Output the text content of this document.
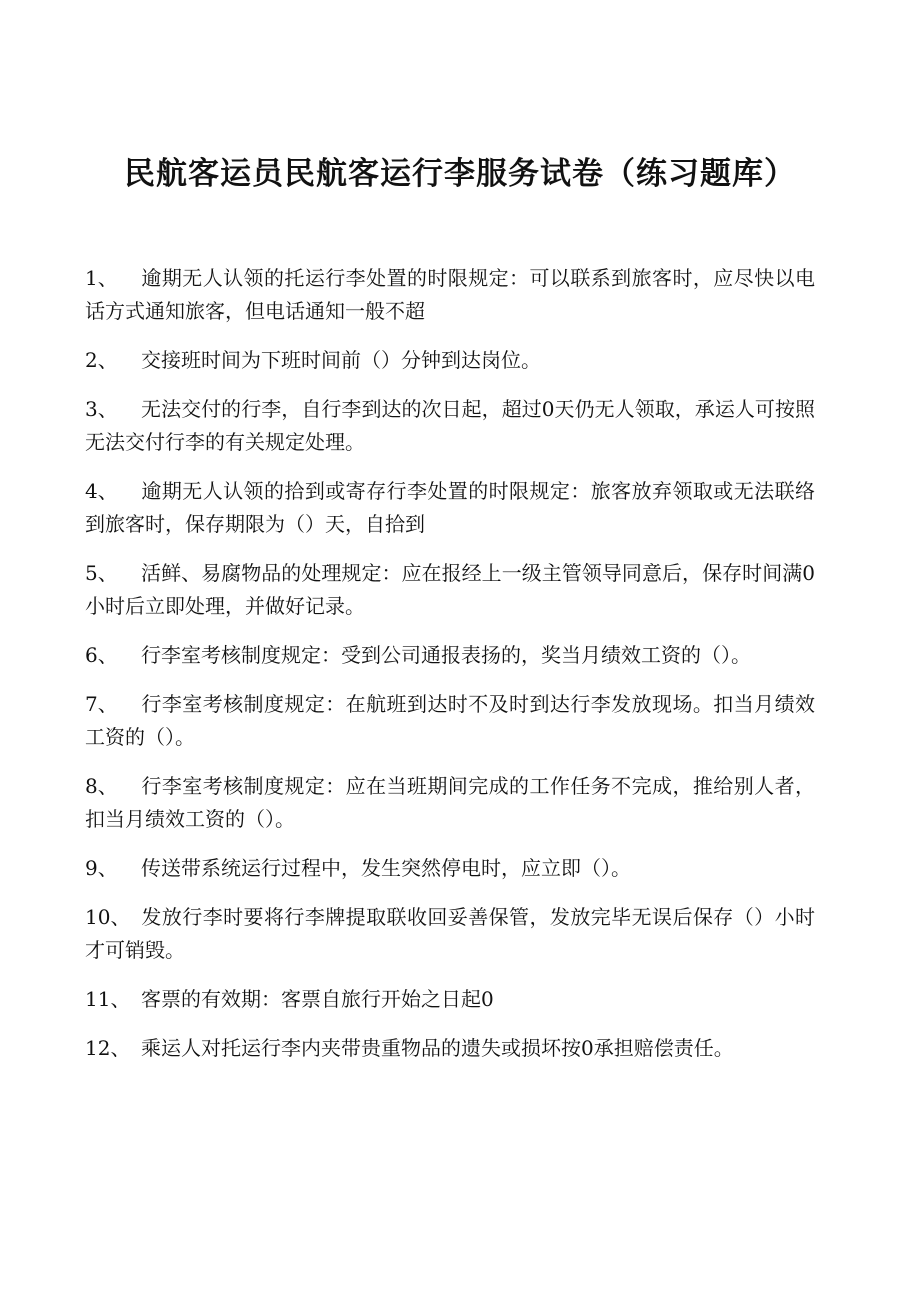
民航客运员民航客运行李服务试卷（练习题库）

1、 逾期无人认领的托运行李处置的时限规定：可以联系到旅客时，应尽快以电话方式通知旅客，但电话通知一般不超

2、 交接班时间为下班时间前（）分钟到达岗位。

3、 无法交付的行李，自行李到达的次日起，超过0天仍无人领取，承运人可按照无法交付行李的有关规定处理。

4、 逾期无人认领的拾到或寄存行李处置的时限规定：旅客放弃领取或无法联络到旅客时，保存期限为（）天，自拾到

5、 活鲜、易腐物品的处理规定：应在报经上一级主管领导同意后，保存时间满0小时后立即处理，并做好记录。

6、 行李室考核制度规定：受到公司通报表扬的，奖当月绩效工资的（）。

7、 行李室考核制度规定：在航班到达时不及时到达行李发放现场。扣当月绩效工资的（）。

8、 行李室考核制度规定：应在当班期间完成的工作任务不完成，推给别人者，扣当月绩效工资的（）。

9、 传送带系统运行过程中，发生突然停电时，应立即（）。

10、 发放行李时要将行李牌提取联收回妥善保管，发放完毕无误后保存（）小时才可销毁。

11、 客票的有效期：客票自旅行开始之日起0

12、 乘运人对托运行李内夹带贵重物品的遗失或损坏按0承担赔偿责任。
